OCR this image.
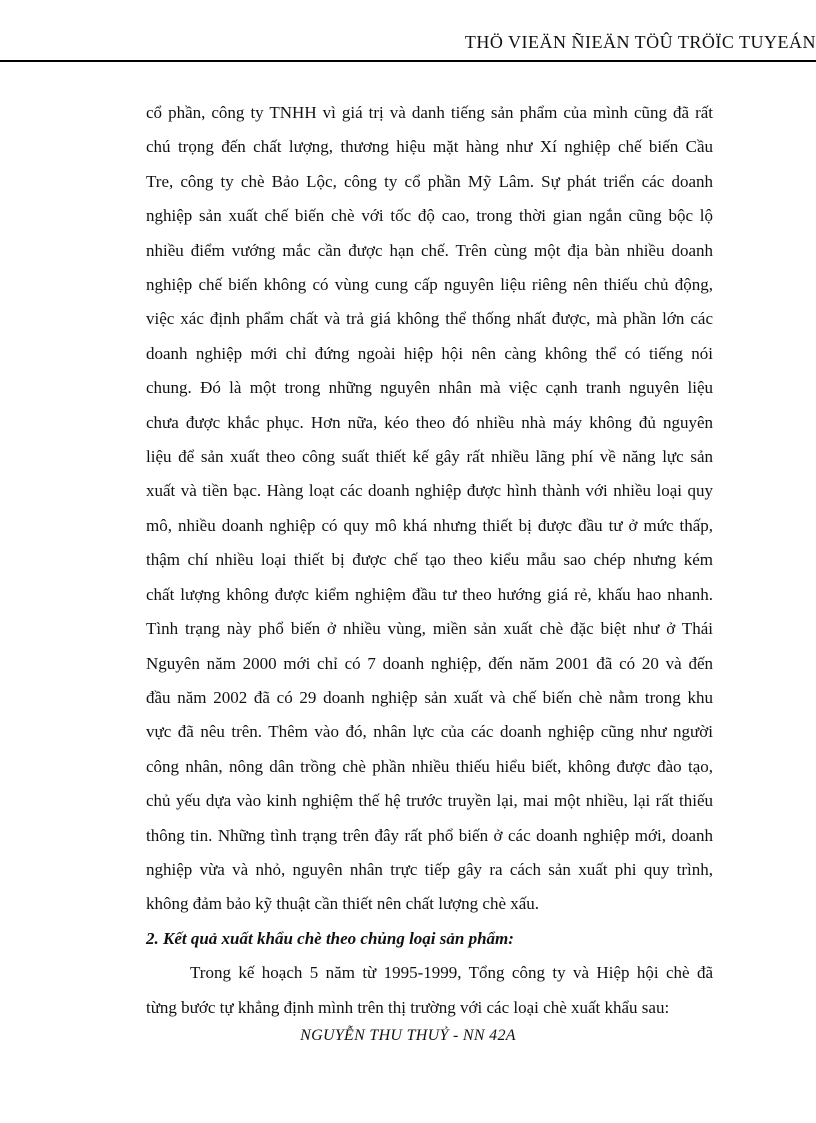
THÖ VIEÄN ÑIEÄN TÖÛ TRÖÏC TUYEÁN

cổ phần, công ty TNHH vì giá trị và danh tiếng sản phẩm của mình cũng đã rất
chú trọng đến chất lượng, thương hiệu mặt hàng như Xí nghiệp chế biến Cầu
Tre, công ty chè Bảo Lộc, công ty cổ phần Mỹ Lâm. Sự phát triển các doanh
nghiệp sản xuất chế biến chè với tốc độ cao, trong thời gian ngắn cũng bộc lộ
nhiều điểm vướng mắc cần được hạn chế. Trên cùng một địa bàn nhiều doanh
nghiệp chế biến không có vùng cung cấp nguyên liệu riêng nên thiếu chủ động,
việc xác định phẩm chất và trả giá không thể thống nhất được, mà phần lớn các
doanh nghiệp mới chỉ đứng ngoài hiệp hội nên càng không thể có tiếng nói
chung. Đó là một trong những nguyên nhân mà việc cạnh tranh nguyên liệu
chưa được khắc phục. Hơn nữa, kéo theo đó nhiều nhà máy không đủ nguyên
liệu để sản xuất theo công suất thiết kế gây rất nhiều lãng phí về năng lực sản
xuất và tiền bạc. Hàng loạt các doanh nghiệp được hình thành với nhiều loại quy
mô, nhiều doanh nghiệp có quy mô khá nhưng thiết bị được đầu tư ở mức thấp,
thậm chí nhiều loại thiết bị được chế tạo theo kiểu mẫu sao chép nhưng kém
chất lượng không được kiểm nghiệm đầu tư theo hướng giá rẻ, khấu hao nhanh.
Tình trạng này phổ biến ở nhiều vùng, miền sản xuất chè đặc biệt như ở Thái
Nguyên năm 2000 mới chỉ có 7 doanh nghiệp, đến năm 2001 đã có 20 và đến
đầu năm 2002 đã có 29 doanh nghiệp sản xuất và chế biến chè nằm trong khu
vực đã nêu trên. Thêm vào đó, nhân lực của các doanh nghiệp cũng như người
công nhân, nông dân trồng chè phần nhiều thiếu hiểu biết, không được đào tạo,
chủ yếu dựa vào kinh nghiệm thế hệ trước truyền lại, mai một nhiều, lại rất thiếu
thông tin. Những tình trạng trên đây rất phổ biến ở các doanh nghiệp mới, doanh
nghiệp vừa và nhỏ, nguyên nhân trực tiếp gây ra cách sản xuất phi quy trình,
không đảm bảo kỹ thuật cần thiết nên chất lượng chè xấu.

2. Kết quả xuất khẩu chè theo chủng loại sản phẩm:

Trong kế hoạch 5 năm từ 1995-1999, Tổng công ty và Hiệp hội chè đã
từng bước tự khẳng định mình trên thị trường với các loại chè xuất khẩu sau:

NGUYỄN THU THUỶ - NN 42A
